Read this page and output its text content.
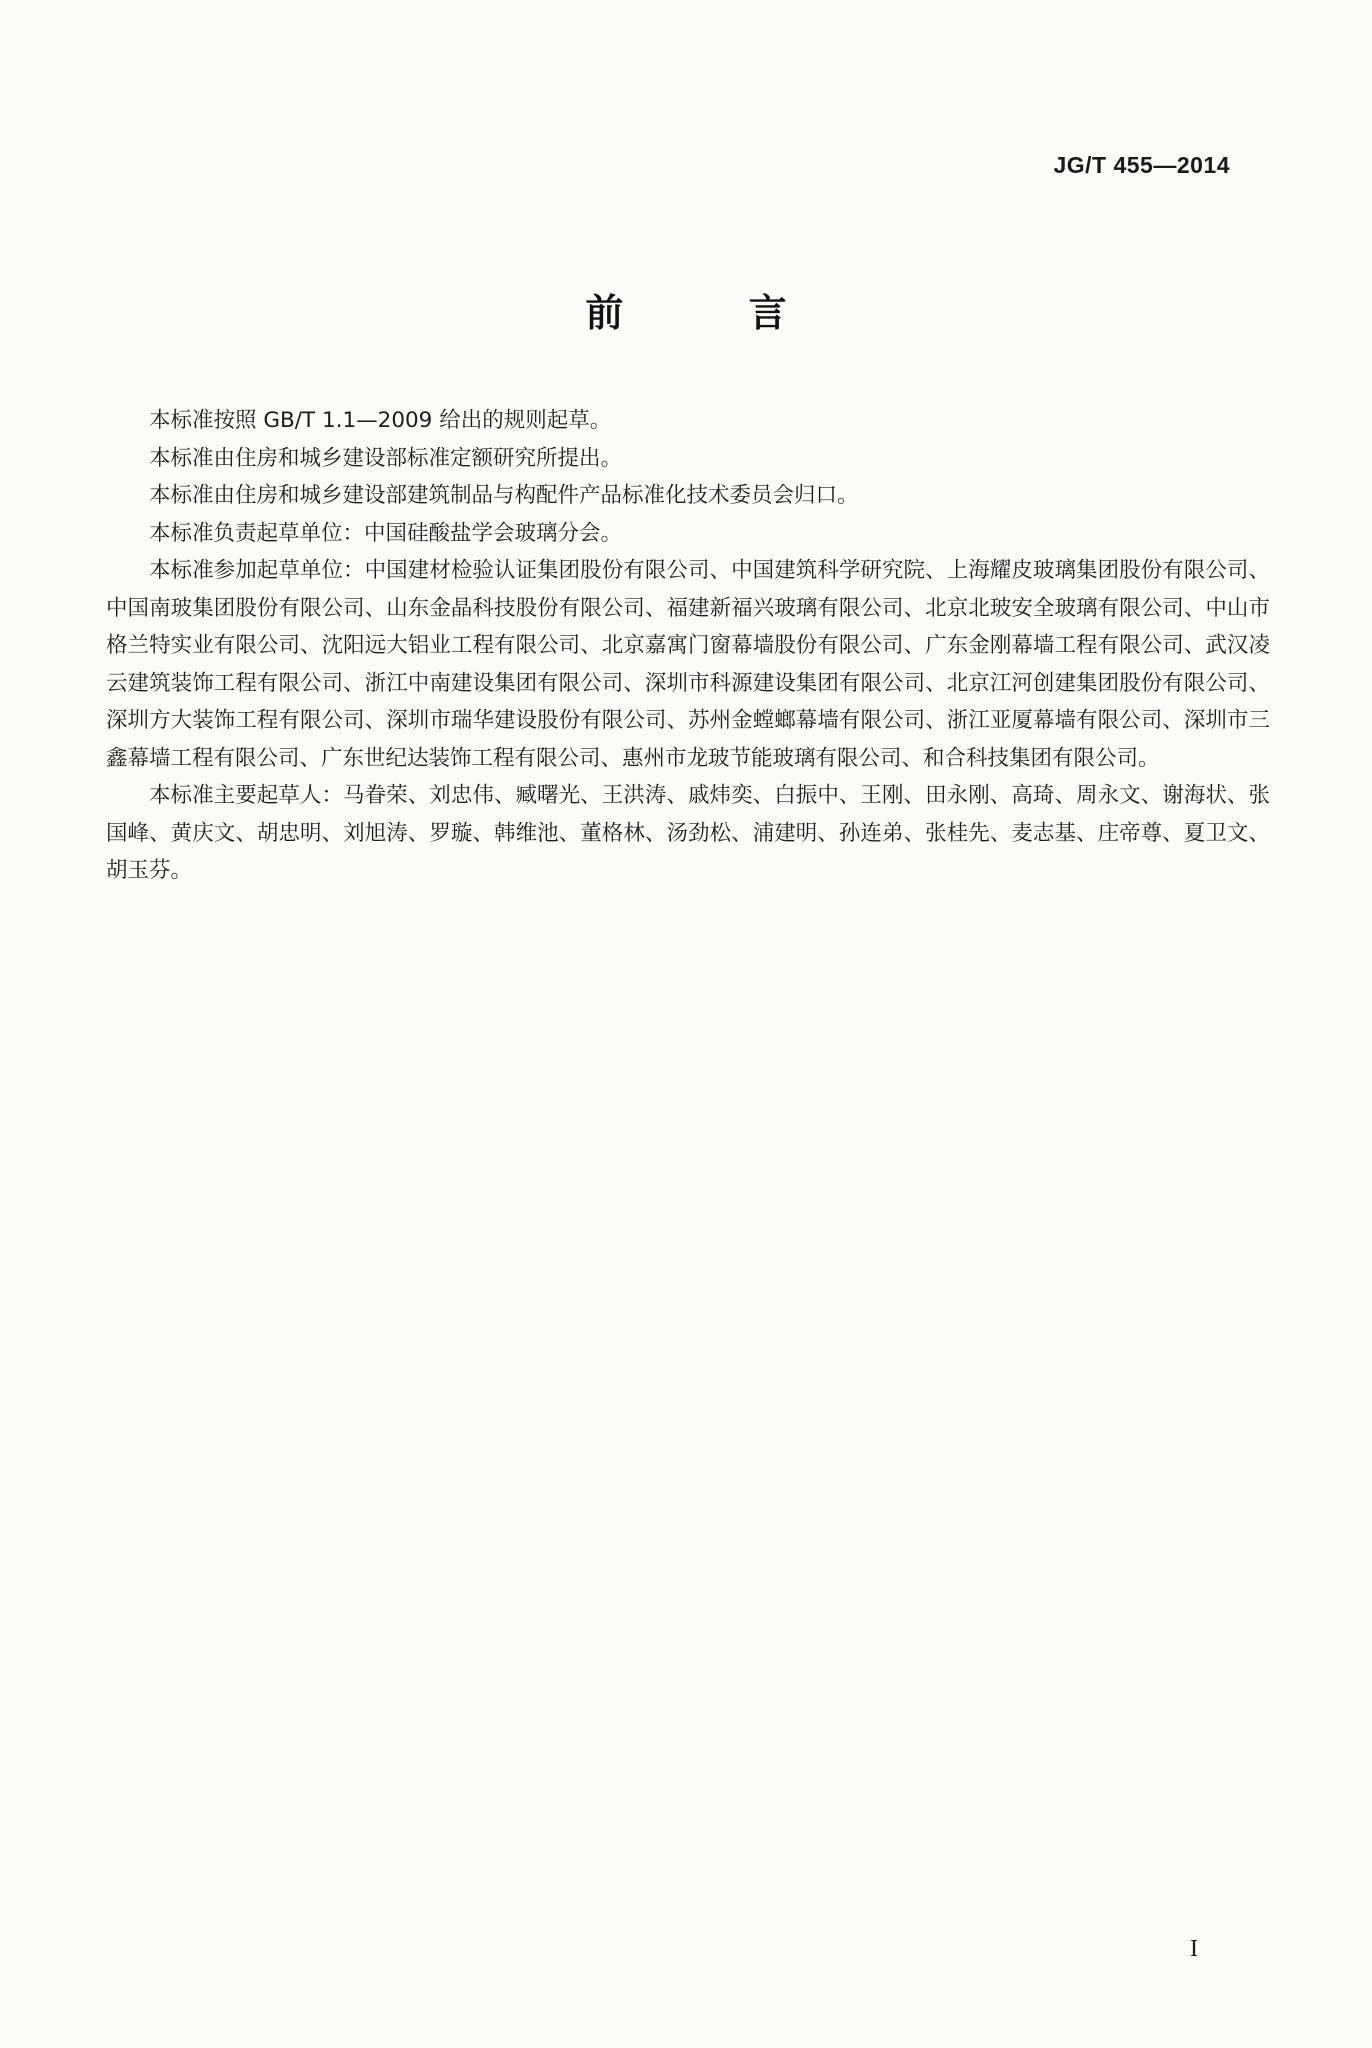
JG/T 455—2014
前 言

本标准按照 GB/T 1.1—2009 给出的规则起草。

本标准由住房和城乡建设部标准定额研究所提出。

本标准由住房和城乡建设部建筑制品与构配件产品标准化技术委员会归口。

本标准负责起草单位：中国硅酸盐学会玻璃分会。

本标准参加起草单位：中国建材检验认证集团股份有限公司、中国建筑科学研究院、上海耀皮玻璃集团股份有限公司、中国南玻集团股份有限公司、山东金晶科技股份有限公司、福建新福兴玻璃有限公司、北京北玻安全玻璃有限公司、中山市格兰特实业有限公司、沈阳远大铝业工程有限公司、北京嘉寓门窗幕墙股份有限公司、广东金刚幕墙工程有限公司、武汉凌云建筑装饰工程有限公司、浙江中南建设集团有限公司、深圳市科源建设集团有限公司、北京江河创建集团股份有限公司、深圳方大装饰工程有限公司、深圳市瑞华建设股份有限公司、苏州金螳螂幕墙有限公司、浙江亚厦幕墙有限公司、深圳市三鑫幕墙工程有限公司、广东世纪达装饰工程有限公司、惠州市龙玻节能玻璃有限公司、和合科技集团有限公司。

本标准主要起草人：马眷荣、刘忠伟、臧曙光、王洪涛、戚炜奕、白振中、王刚、田永刚、高琦、周永文、谢海状、张国峰、黄庆文、胡忠明、刘旭涛、罗璇、韩维池、董格林、汤劲松、浦建明、孙连弟、张桂先、麦志基、庄帝尊、夏卫文、胡玉芬。

I
